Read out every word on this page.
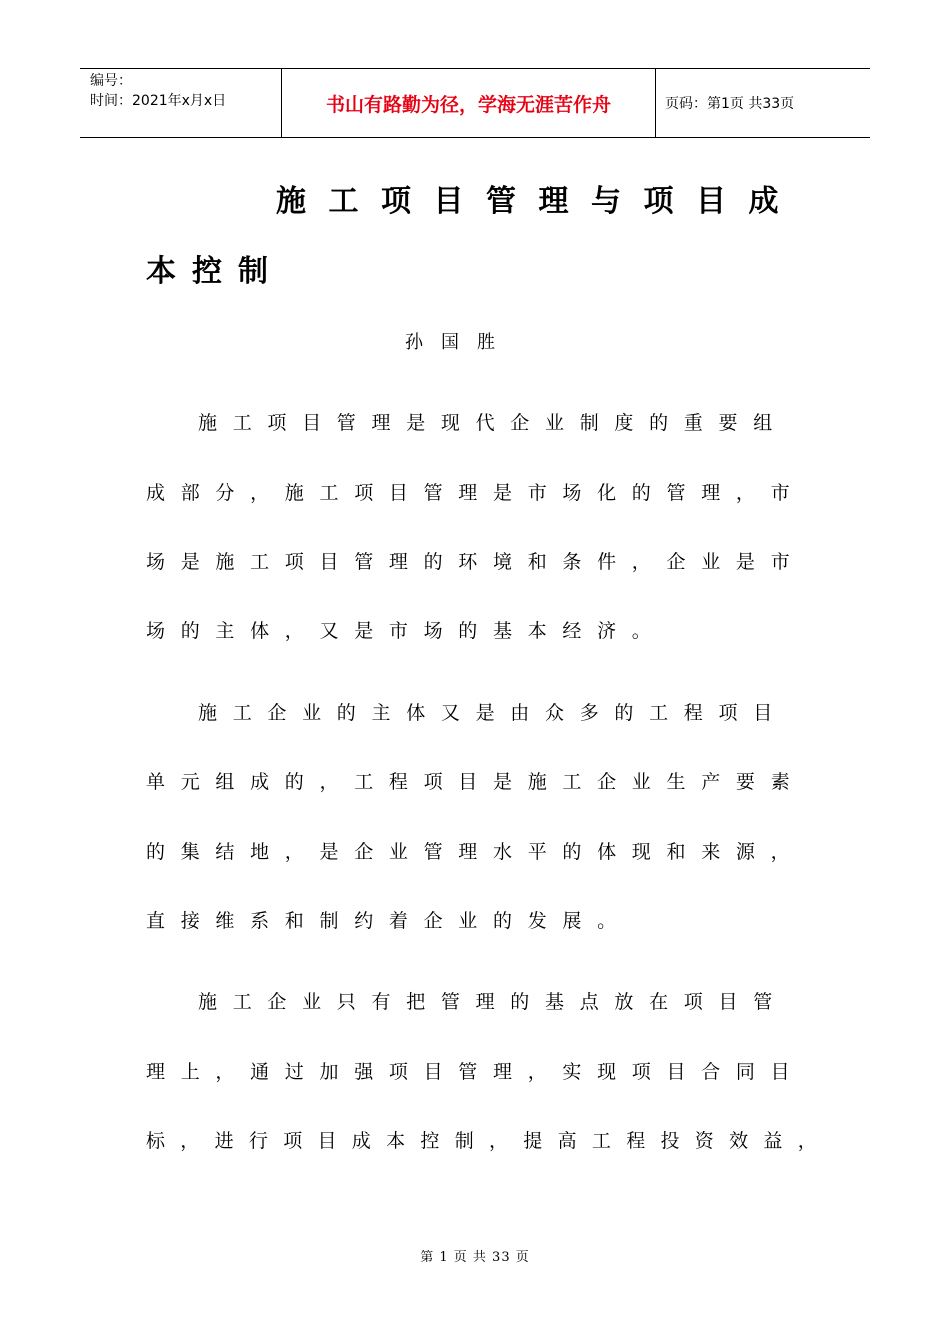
编号：
时间：2021年x月x日	书山有路勤为径，学海无涯苦作舟	页码：第1页 共33页
施工项目管理与项目成
本控制
孙国胜
施工项目管理是现代企业制度的重要组
成部分，施工项目管理是市场化的管理，市
场是施工项目管理的环境和条件，企业是市
场的主体，又是市场的基本经济。
施工企业的主体又是由众多的工程项目
单元组成的，工程项目是施工企业生产要素
的集结地，是企业管理水平的体现和来源，
直接维系和制约着企业的发展。
施工企业只有把管理的基点放在项目管
理上，通过加强项目管理，实现项目合同目
标，进行项目成本控制，提高工程投资效益，
第 1 页 共 33 页
